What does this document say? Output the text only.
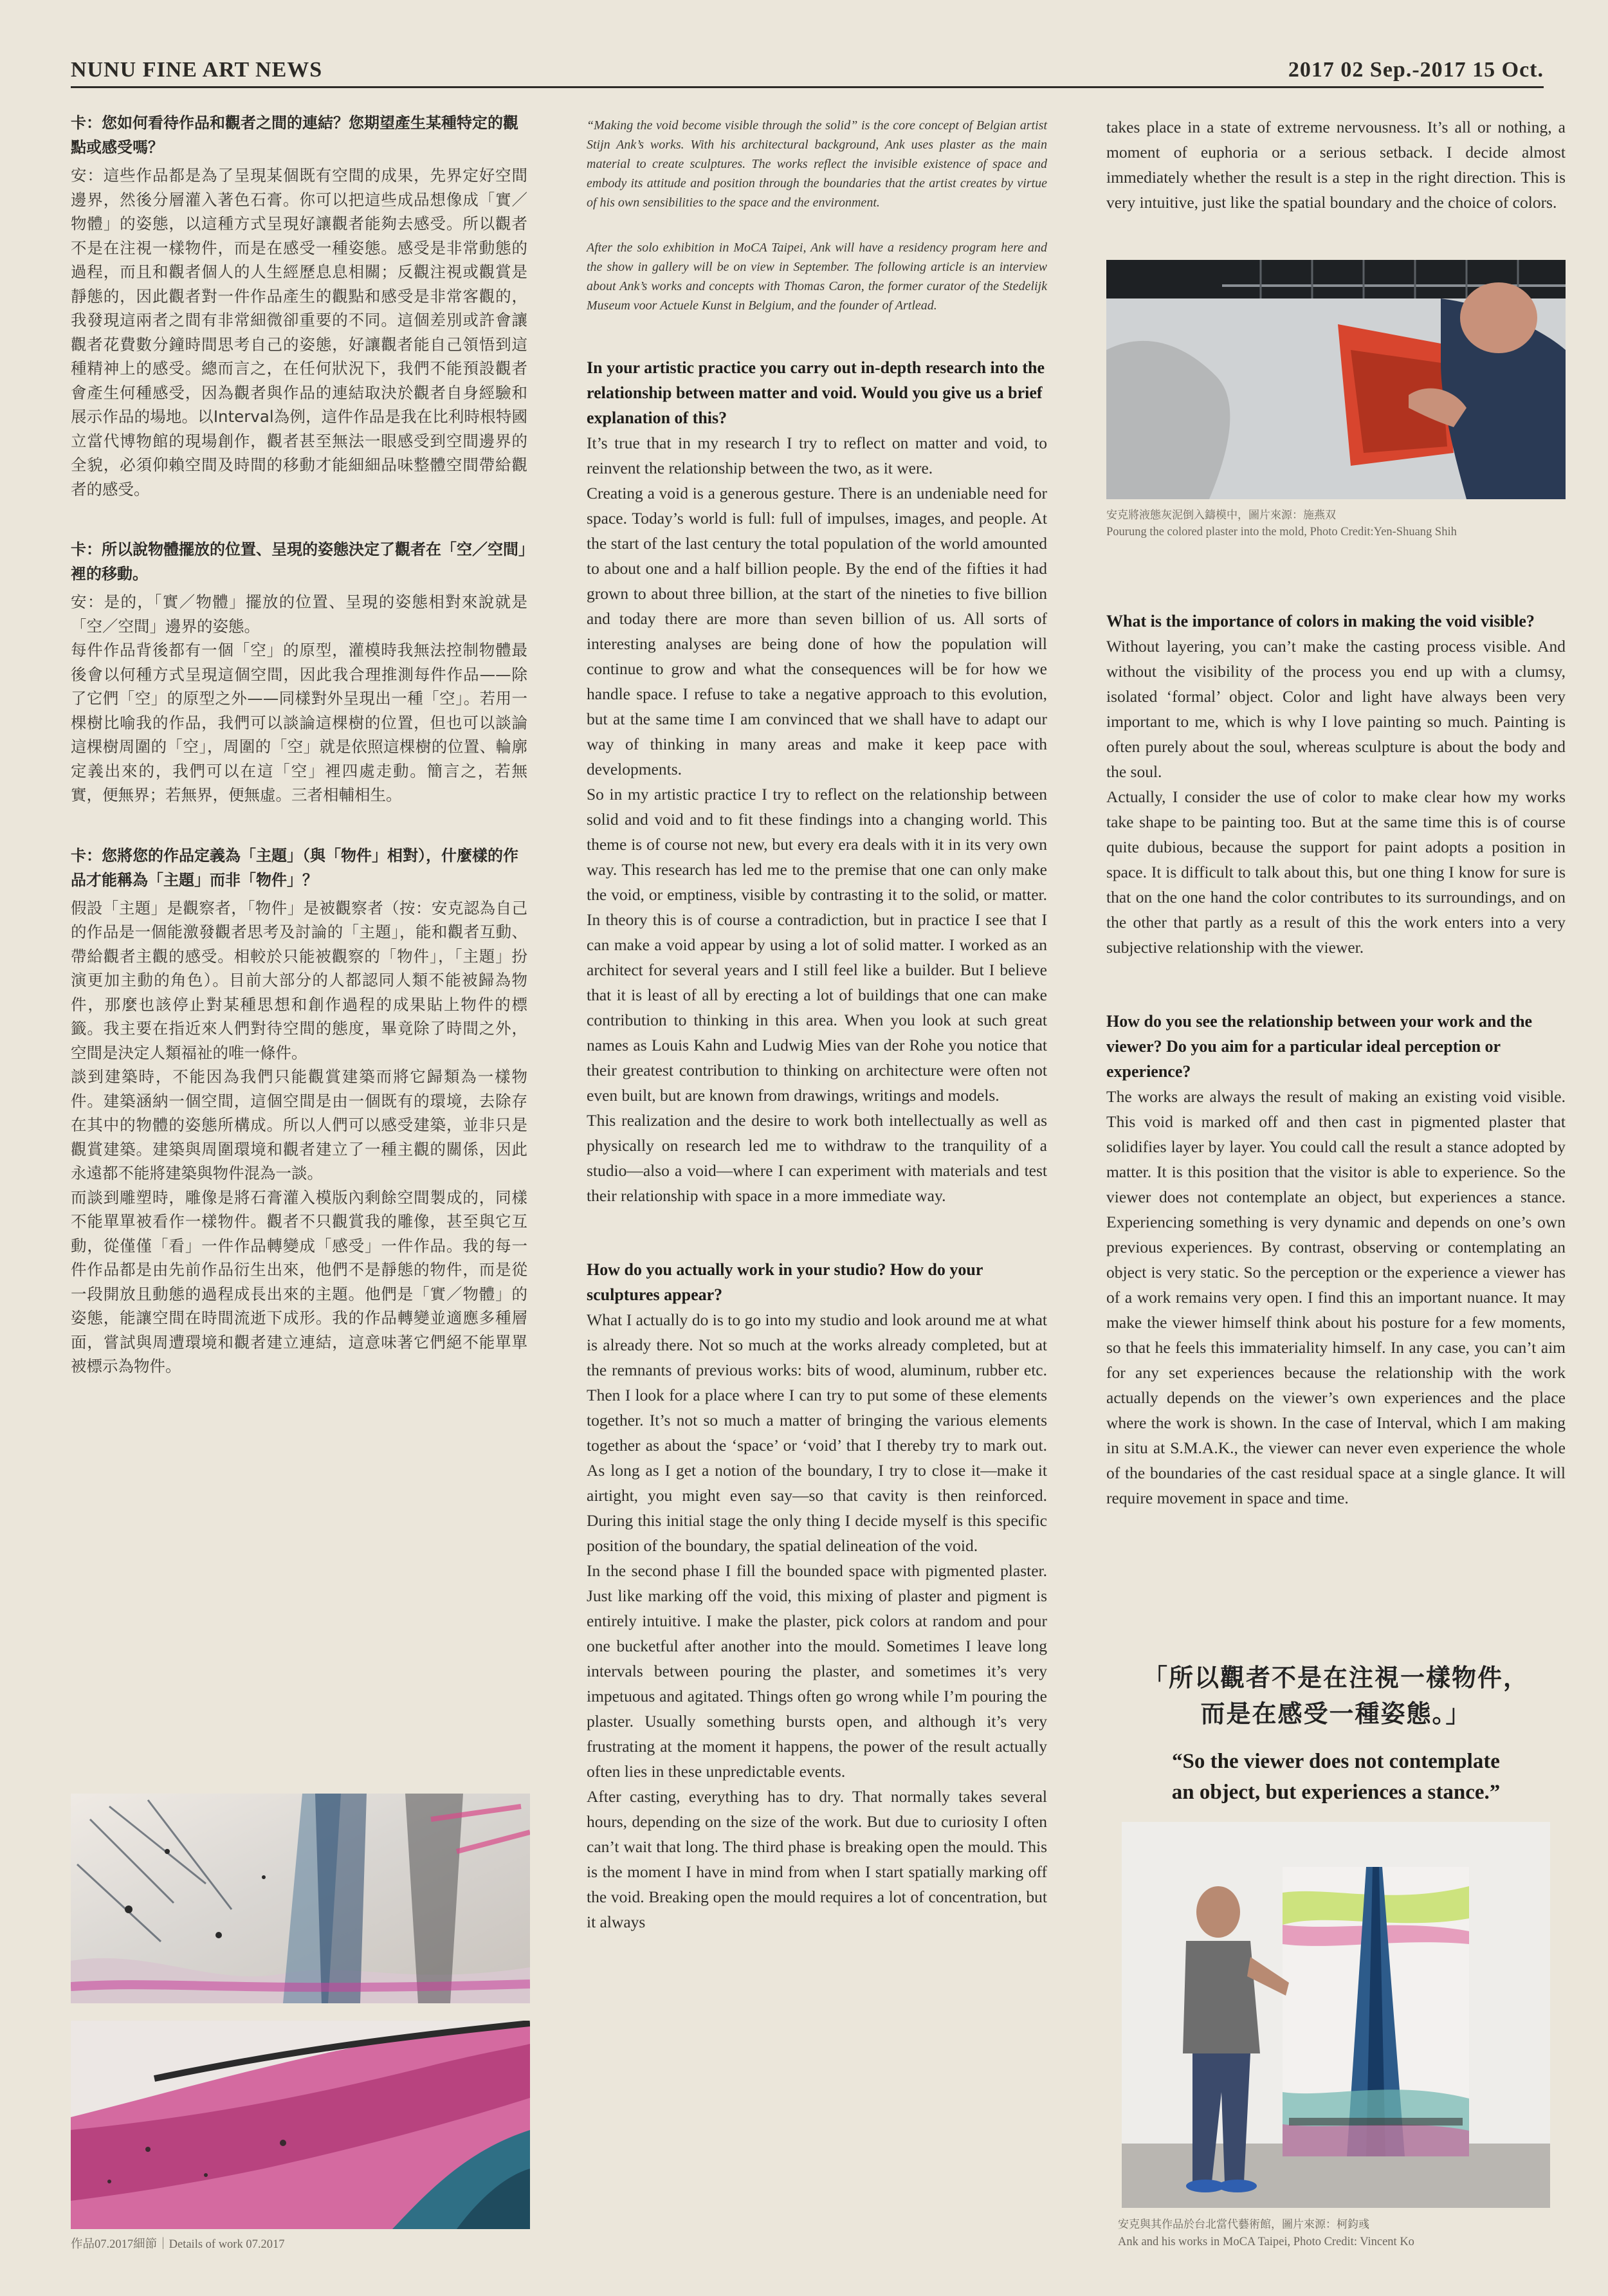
NUNU FINE ART NEWS	2017 02 Sep.-2017 15 Oct.

卡：您如何看待作品和觀者之間的連結？您期望產生某種特定的觀點或感受嗎？

安：這些作品都是為了呈現某個既有空間的成果，先界定好空間邊界，然後分層灌入著色石膏。你可以把這些成品想像成「實／物體」的姿態，以這種方式呈現好讓觀者能夠去感受。所以觀者不是在注視一樣物件，而是在感受一種姿態。感受是非常動態的過程，而且和觀者個人的人生經歷息息相關；反觀注視或觀賞是靜態的，因此觀者對一件作品產生的觀點和感受是非常客觀的，我發現這兩者之間有非常細微卻重要的不同。這個差別或許會讓觀者花費數分鐘時間思考自己的姿態，好讓觀者能自己領悟到這種精神上的感受。總而言之，在任何狀況下，我們不能預設觀者會產生何種感受，因為觀者與作品的連結取決於觀者自身經驗和展示作品的場地。以Interval為例，這件作品是我在比利時根特國立當代博物館的現場創作，觀者甚至無法一眼感受到空間邊界的全貌，必須仰賴空間及時間的移動才能細細品味整體空間帶給觀者的感受。

卡：所以說物體擺放的位置、呈現的姿態決定了觀者在「空／空間」裡的移動。

安：是的，「實／物體」擺放的位置、呈現的姿態相對來說就是「空／空間」邊界的姿態。

每件作品背後都有一個「空」的原型，灌模時我無法控制物體最後會以何種方式呈現這個空間，因此我合理推測每件作品——除了它們「空」的原型之外——同樣對外呈現出一種「空」。若用一棵樹比喻我的作品，我們可以談論這棵樹的位置，但也可以談論這棵樹周圍的「空」，周圍的「空」就是依照這棵樹的位置、輪廓定義出來的，我們可以在這「空」裡四處走動。簡言之，若無實，便無界；若無界，便無虛。三者相輔相生。

卡：您將您的作品定義為「主題」（與「物件」相對），什麼樣的作品才能稱為「主題」而非「物件」？

假設「主題」是觀察者，「物件」是被觀察者（按：安克認為自己的作品是一個能激發觀者思考及討論的「主題」，能和觀者互動、帶給觀者主觀的感受。相較於只能被觀察的「物件」，「主題」扮演更加主動的角色）。目前大部分的人都認同人類不能被歸為物件，那麼也該停止對某種思想和創作過程的成果貼上物件的標籤。我主要在指近來人們對待空間的態度，畢竟除了時間之外，空間是決定人類福祉的唯一條件。

談到建築時，不能因為我們只能觀賞建築而將它歸類為一樣物件。建築涵納一個空間，這個空間是由一個既有的環境，去除存在其中的物體的姿態所構成。所以人們可以感受建築，並非只是觀賞建築。建築與周圍環境和觀者建立了一種主觀的關係，因此永遠都不能將建築與物件混為一談。

而談到雕塑時，雕像是將石膏灌入模版內剩餘空間製成的，同樣不能單單被看作一樣物件。觀者不只觀賞我的雕像，甚至與它互動，從僅僅「看」一件作品轉變成「感受」一件作品。我的每一件作品都是由先前作品衍生出來，他們不是靜態的物件，而是從一段開放且動態的過程成長出來的主題。他們是「實／物體」的姿態，能讓空間在時間流逝下成形。我的作品轉變並適應多種層面，嘗試與周遭環境和觀者建立連結，這意味著它們絕不能單單被標示為物件。

作品07.2017細節｜Details of work 07.2017

“Making the void become visible through the solid” is the core concept of Belgian artist Stijn Ank’s works. With his architectural background, Ank uses plaster as the main material to create sculptures. The works reflect the invisible existence of space and embody its attitude and position through the boundaries that the artist creates by virtue of his own sensibilities to the space and the environment.

After the solo exhibition in MoCA Taipei, Ank will have a residency program here and the show in gallery will be on view in September. The following article is an interview about Ank’s works and concepts with Thomas Caron, the former curator of the Stedelijk Museum voor Actuele Kunst in Belgium, and the founder of Artlead.

In your artistic practice you carry out in-depth research into the relationship between matter and void. Would you give us a brief explanation of this?

It’s true that in my research I try to reflect on matter and void, to reinvent the relationship between the two, as it were.

Creating a void is a generous gesture. There is an undeniable need for space. Today’s world is full: full of impulses, images, and people. At the start of the last century the total population of the world amounted to about one and a half billion people. By the end of the fifties it had grown to about three billion, at the start of the nineties to five billion and today there are more than seven billion of us. All sorts of interesting analyses are being done of how the population will continue to grow and what the consequences will be for how we handle space. I refuse to take a negative approach to this evolution, but at the same time I am convinced that we shall have to adapt our way of thinking in many areas and make it keep pace with developments.

So in my artistic practice I try to reflect on the relationship between solid and void and to fit these findings into a changing world. This theme is of course not new, but every era deals with it in its very own way. This research has led me to the premise that one can only make the void, or emptiness, visible by contrasting it to the solid, or matter. In theory this is of course a contradiction, but in practice I see that I can make a void appear by using a lot of solid matter. I worked as an architect for several years and I still feel like a builder. But I believe that it is least of all by erecting a lot of buildings that one can make contribution to thinking in this area. When you look at such great names as Louis Kahn and Ludwig Mies van der Rohe you notice that their greatest contribution to thinking on architecture were often not even built, but are known from drawings, writings and models.

This realization and the desire to work both intellectually as well as physically on research led me to withdraw to the tranquility of a studio—also a void—where I can experiment with materials and test their relationship with space in a more immediate way.

How do you actually work in your studio? How do your sculptures appear?

What I actually do is to go into my studio and look around me at what is already there. Not so much at the works already completed, but at the remnants of previous works: bits of wood, aluminum, rubber etc. Then I look for a place where I can try to put some of these elements together. It’s not so much a matter of bringing the various elements together as about the ‘space’ or ‘void’ that I thereby try to mark out. As long as I get a notion of the boundary, I try to close it—make it airtight, you might even say—so that cavity is then reinforced. During this initial stage the only thing I decide myself is this specific position of the boundary, the spatial delineation of the void.

In the second phase I fill the bounded space with pigmented plaster. Just like marking off the void, this mixing of plaster and pigment is entirely intuitive. I make the plaster, pick colors at random and pour one bucketful after another into the mould. Sometimes I leave long intervals between pouring the plaster, and sometimes it’s very impetuous and agitated. Things often go wrong while I’m pouring the plaster. Usually something bursts open, and although it’s very frustrating at the moment it happens, the power of the result actually often lies in these unpredictable events.

After casting, everything has to dry. That normally takes several hours, depending on the size of the work. But due to curiosity I often can’t wait that long. The third phase is breaking open the mould. This is the moment I have in mind from when I start spatially marking off the void. Breaking open the mould requires a lot of concentration, but it always

takes place in a state of extreme nervousness. It’s all or nothing, a moment of euphoria or a serious setback. I decide almost immediately whether the result is a step in the right direction. This is very intuitive, just like the spatial boundary and the choice of colors.

安克將液態灰泥倒入鑄模中，圖片來源：施燕双

Pourung the colored plaster into the mold, Photo Credit:Yen-Shuang Shih

What is the importance of colors in making the void visible?

Without layering, you can’t make the casting process visible. And without the visibility of the process you end up with a clumsy, isolated ‘formal’ object. Color and light have always been very important to me, which is why I love painting so much. Painting is often purely about the soul, whereas sculpture is about the body and the soul.

Actually, I consider the use of color to make clear how my works take shape to be painting too. But at the same time this is of course quite dubious, because the support for paint adopts a position in space. It is difficult to talk about this, but one thing I know for sure is that on the one hand the color contributes to its surroundings, and on the other that partly as a result of this the work enters into a very subjective relationship with the viewer.

How do you see the relationship between your work and the viewer? Do you aim for a particular ideal perception or experience?

The works are always the result of making an existing void visible. This void is marked off and then cast in pigmented plaster that solidifies layer by layer. You could call the result a stance adopted by matter. It is this position that the visitor is able to experience. So the viewer does not contemplate an object, but experiences a stance. Experiencing something is very dynamic and depends on one’s own previous experiences. By contrast, observing or contemplating an object is very static. So the perception or the experience a viewer has of a work remains very open. I find this an important nuance. It may make the viewer himself think about his posture for a few moments, so that he feels this immateriality himself. In any case, you can’t aim for any set experiences because the relationship with the work actually depends on the viewer’s own experiences and the place where the work is shown. In the case of Interval, which I am making in situ at S.M.A.K., the viewer can never even experience the whole of the boundaries of the cast residual space at a single glance. It will require movement in space and time.

「所以觀者不是在注視一樣物件，

而是在感受一種姿態。」

“So the viewer does not contemplate

an object, but experiences a stance.”

安克與其作品於台北當代藝術館，圖片來源：柯鈞彧

Ank and his works in MoCA Taipei, Photo Credit: Vincent Ko
